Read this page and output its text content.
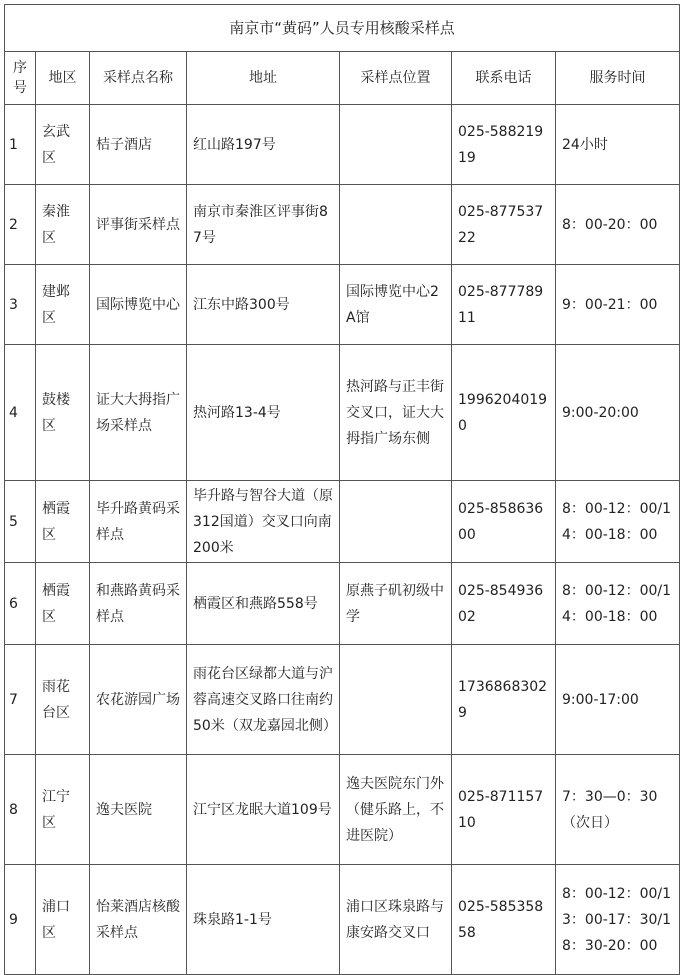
南京市“黄码”人员专用核酸采样点						
序号	地区	采样点名称	地址	采样点位置	联系电话	服务时间
1	玄武区	桔子酒店	红山路197号		025-58821919	24小时
2	秦淮区	评事街采样点	南京市秦淮区评事街87号		025-87753722	8：00-20：00
3	建邺区	国际博览中心	江东中路300号	国际博览中心2A馆	025-87778911	9：00-21：00
4	鼓楼区	证大大拇指广场采样点	热河路13-4号	热河路与正丰街交叉口，证大大拇指广场东侧	19962040190	9:00-20:00
5	栖霞区	毕升路黄码采样点	毕升路与智谷大道（原312国道）交叉口向南200米		025-85863600	8：00-12：00/14：00-18：00
6	栖霞区	和燕路黄码采样点	栖霞区和燕路558号	原燕子矶初级中学	025-85493602	8：00-12：00/14：00-18：00
7	雨花台区	农花游园广场	雨花台区绿都大道与沪蓉高速交叉路口往南约50米（双龙嘉园北侧）		17368683029	9:00-17:00
8	江宁区	逸夫医院	江宁区龙眠大道109号	逸夫医院东门外（健乐路上，不进医院）	025-87115710	7：30—0：30（次日）
9	浦口区	怡莱酒店核酸采样点	珠泉路1-1号	浦口区珠泉路与康安路交叉口	025-58535858	8：00-12：00/13：00-17：30/18：30-20：00
